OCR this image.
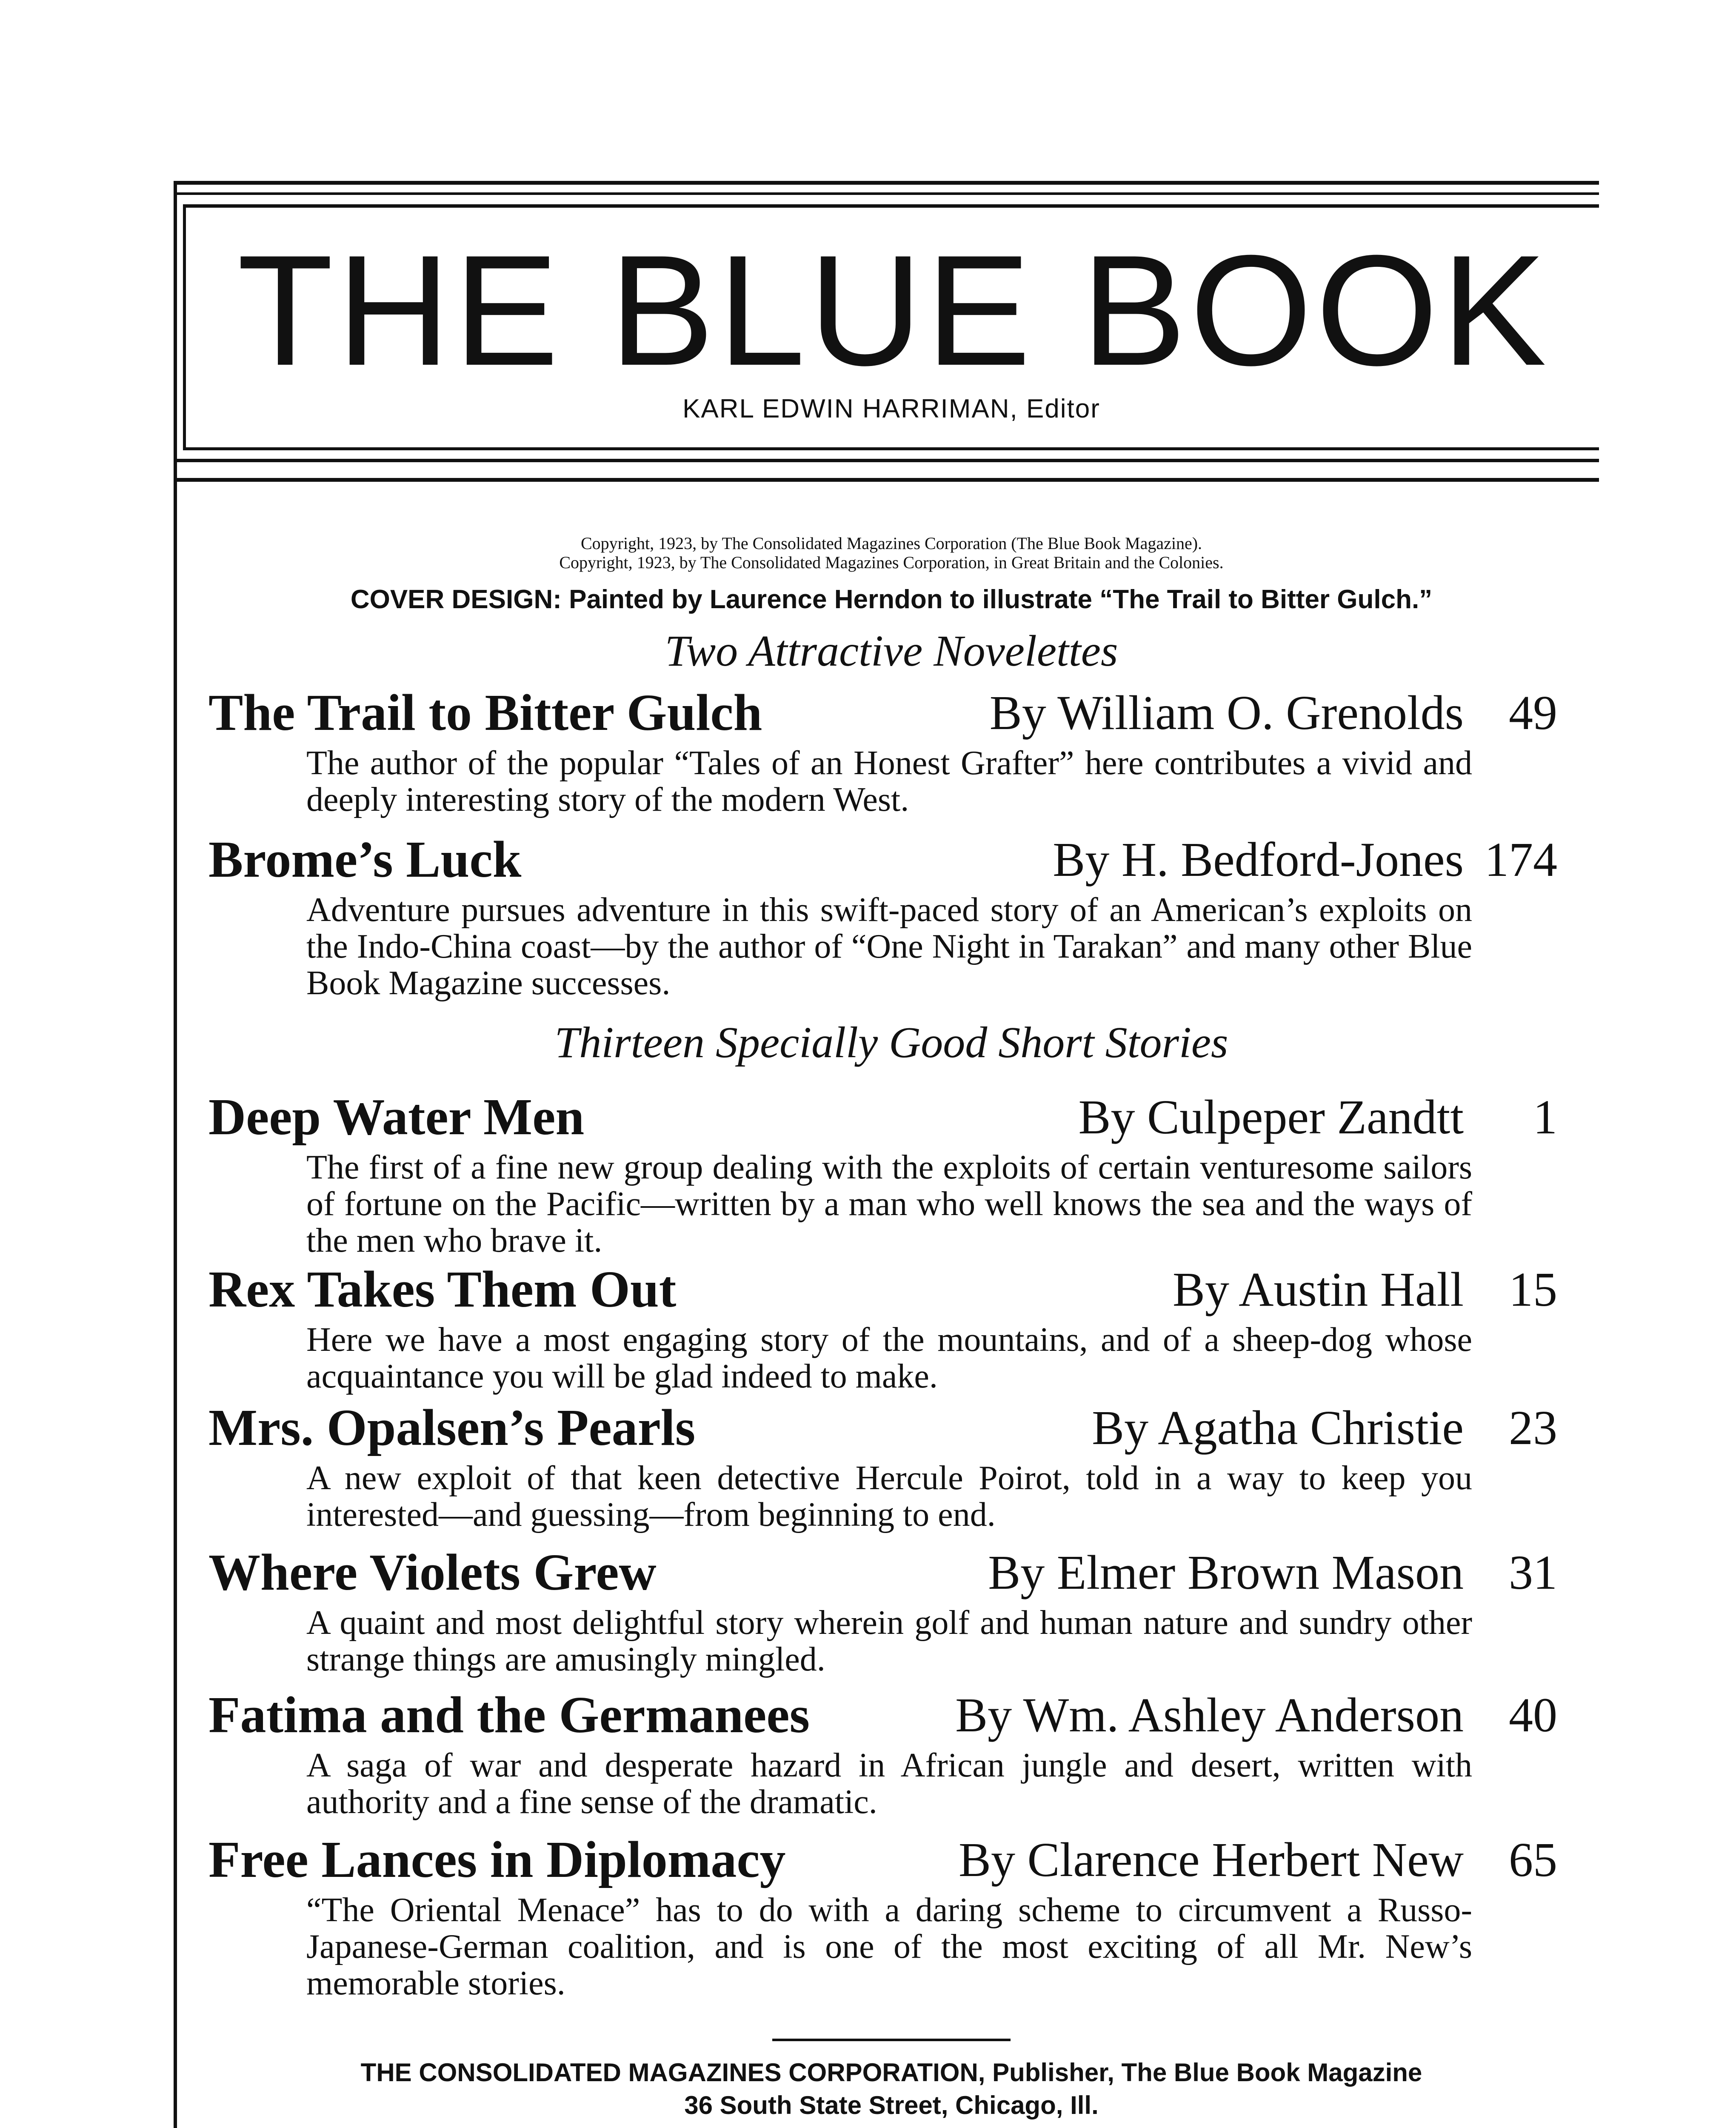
THE BLUE BOOK
KARL EDWIN HARRIMAN, Editor
Copyright, 1923, by The Consolidated Magazines Corporation (The Blue Book Magazine).
Copyright, 1923, by The Consolidated Magazines Corporation, in Great Britain and the Colonies.
COVER DESIGN: Painted by Laurence Herndon to illustrate “The Trail to Bitter Gulch.”
Two Attractive Novelettes
Thirteen Specially Good Short Stories
The Trail to Bitter Gulch	By William O. Grenolds 49
The author of the popular “Tales of an Honest Grafter” here contributes a vivid and deeply interesting story of the modern West.
Brome’s Luck	By H. Bedford-Jones 174
Adventure pursues adventure in this swift-paced story of an American’s exploits on the Indo-China coast—by the author of “One Night in Tarakan” and many other Blue Book Magazine successes.
Deep Water Men	By Culpeper Zandtt	1
The first of a fine new group dealing with the exploits of certain venturesome sailors of fortune on the Pacific—written by a man who well knows the sea and the ways of the men who brave it.
Rex Takes Them Out	By Austin Hall 15
Here we have a most engaging story of the mountains, and of a sheep-dog whose acquaintance you will be glad indeed to make.
Mrs. Opalsen’s Pearls	By Agatha Christie 23
A new exploit of that keen detective Hercule Poirot, told in a way to keep you interested—and guessing—from beginning to end.
Where Violets Grew	By Elmer Brown Mason 31
A quaint and most delightful story wherein golf and human nature and sundry other strange things are amusingly mingled.
Fatima and the Germanees	By Wm. Ashley Anderson 40
A saga of war and desperate hazard in African jungle and desert, written with authority and a fine sense of the dramatic.
Free Lances in Diplomacy	By Clarence Herbert New 65
“The Oriental Menace” has to do with a daring scheme to circumvent a Russo-Japanese-German coalition, and is one of the most exciting of all Mr. New’s memorable stories.
THE CONSOLIDATED MAGAZINES CORPORATION, Publisher, The Blue Book Magazine
36 South State Street, Chicago, Ill.
